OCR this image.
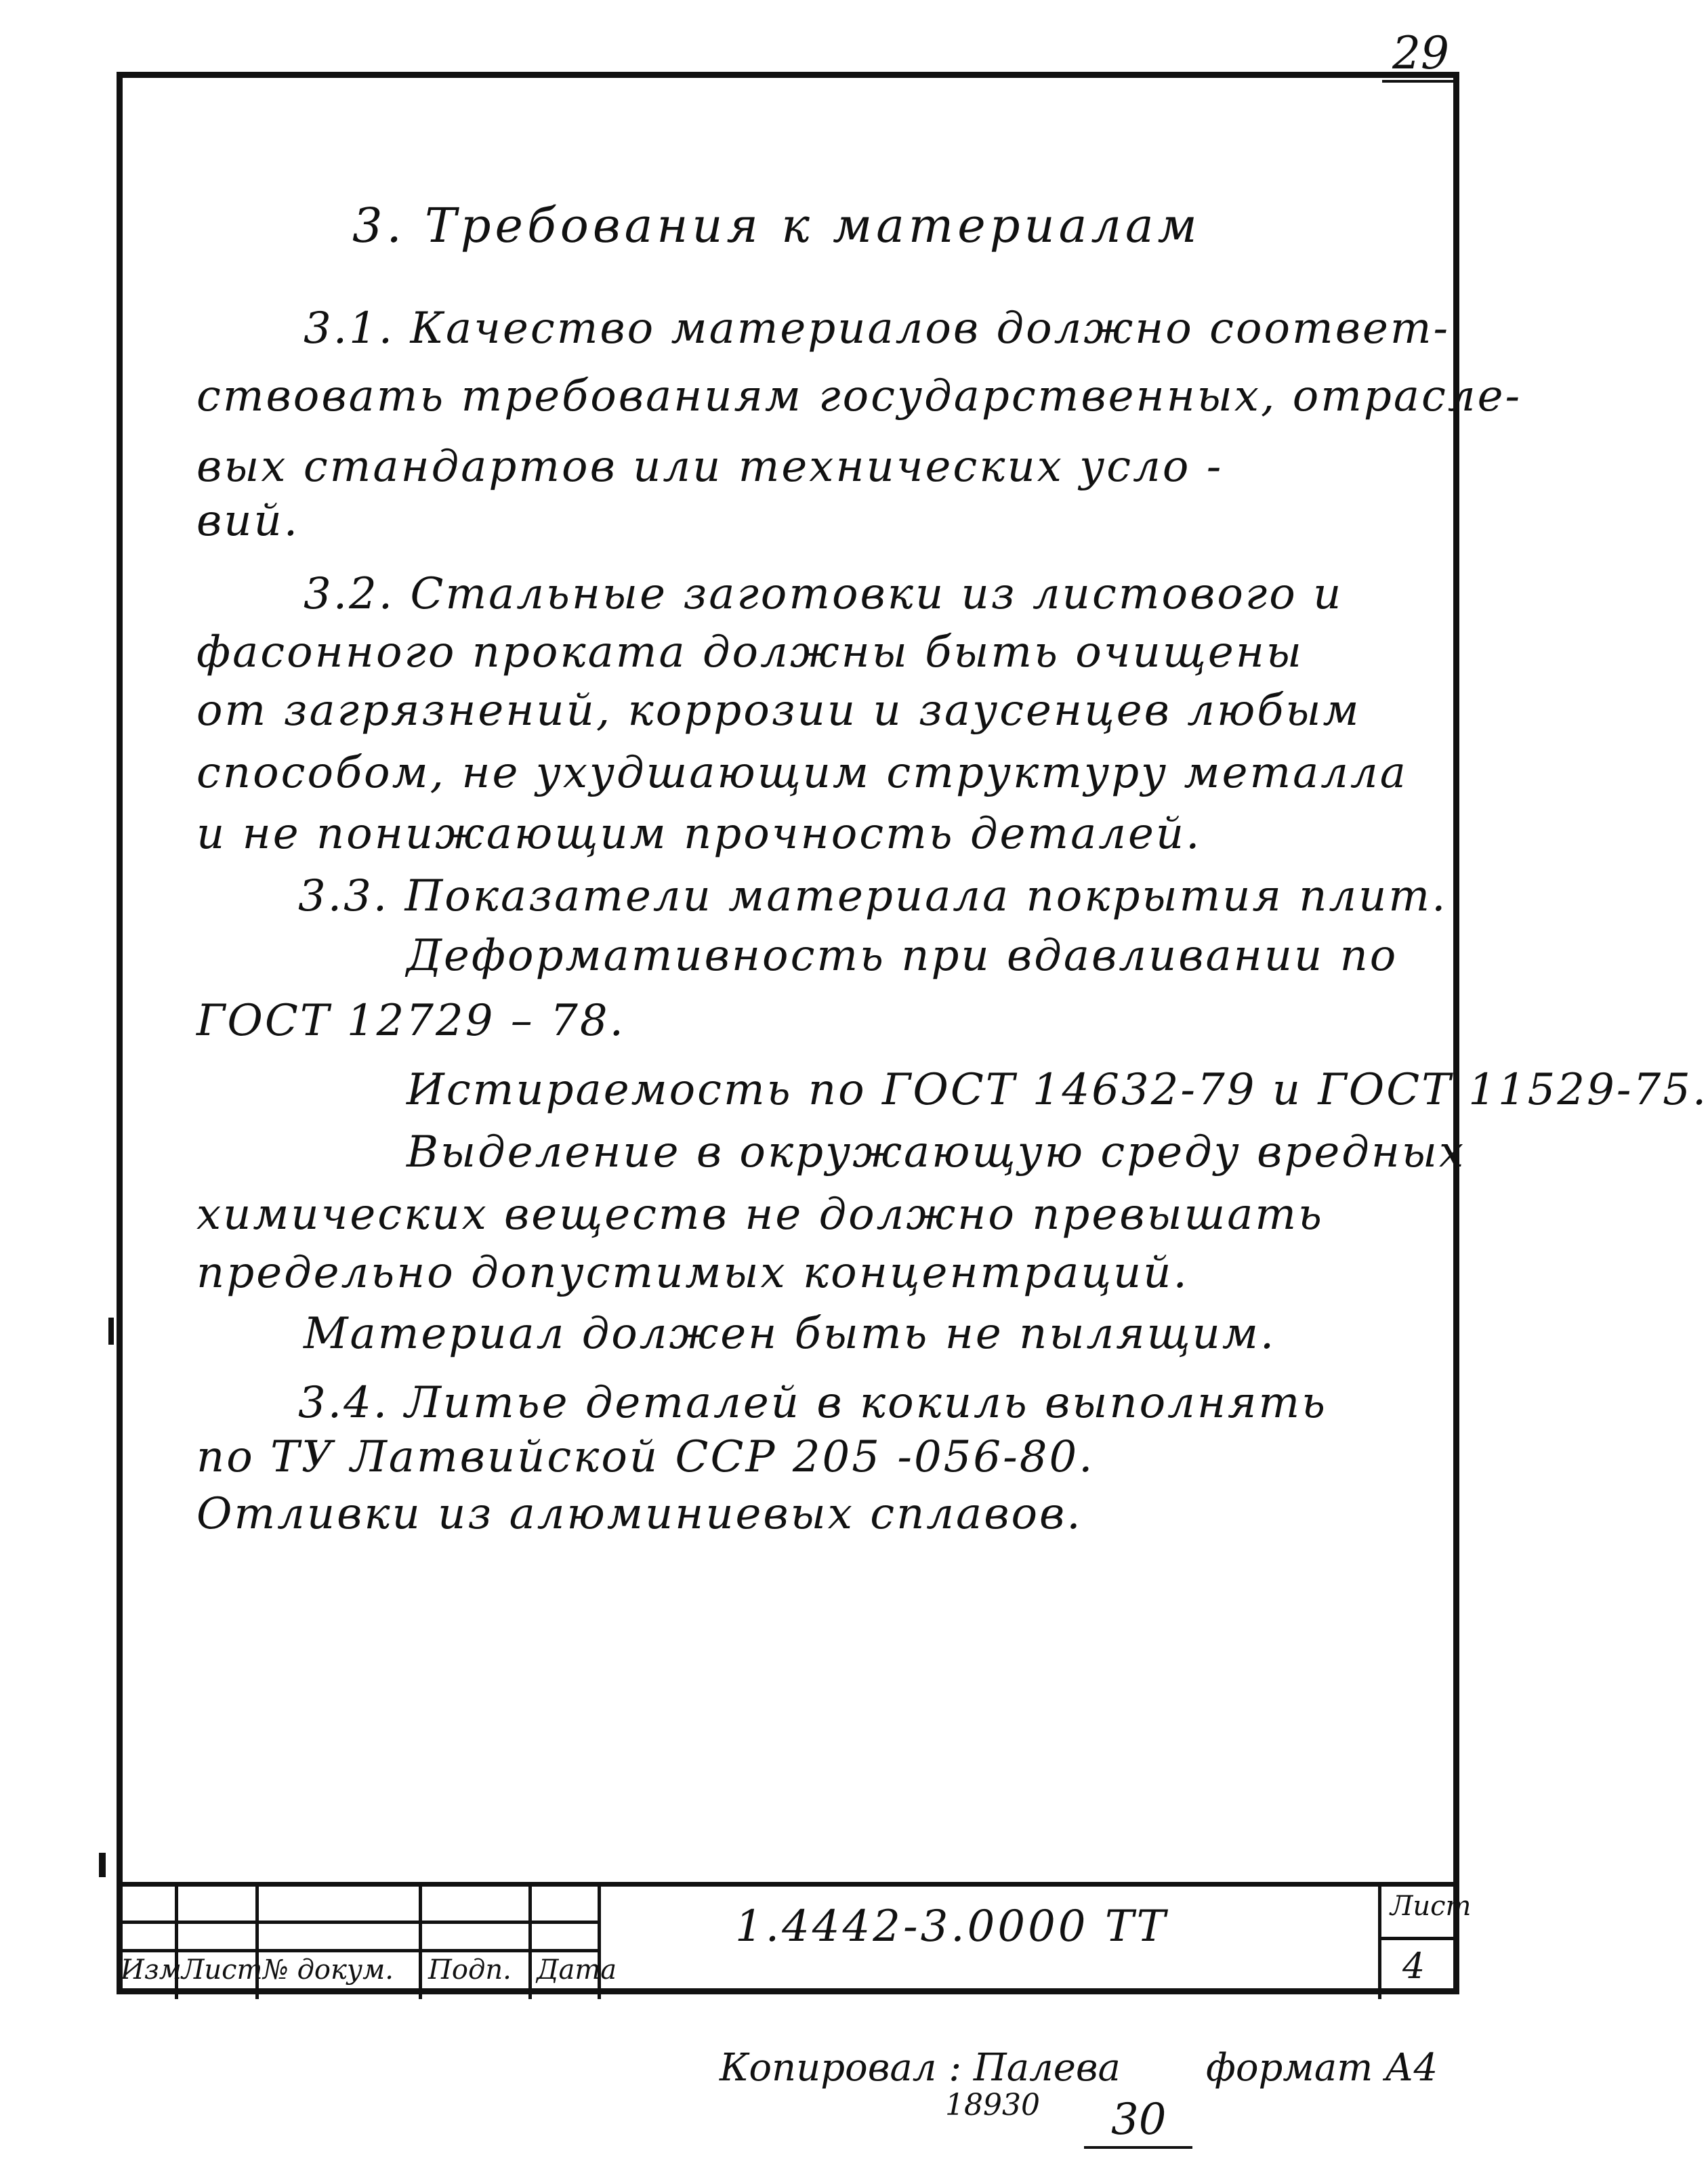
29
3. Требования к материалам
3.1. Качество материалов должно соответ-
ствовать требованиям государственных, отрасле-
вых стандартов или технических усло -
вий.
3.2. Стальные заготовки из листового и
фасонного проката должны быть очищены
от загрязнений, коррозии и заусенцев любым
способом, не ухудшающим структуру металла
и не понижающим прочность деталей.
3.3. Показатели материала покрытия плит.
Деформативность при вдавливании по
ГОСТ 12729 – 78.
Истираемость по ГОСТ 14632-79 и ГОСТ 11529-75.
Выделение в окружающую среду вредных
химических веществ не должно превышать
предельно допустимых концентраций.
Материал должен быть не пылящим.
3.4. Литье деталей в кокиль выполнять
по ТУ Латвийской ССР 205 -056-80.
Отливки из алюминиевых сплавов.
Изм Лист № докум. Подп. Дата
1.4442-3.0000 ТТ	Лист
4
Копировал : Палева
18930 30
формат А4
